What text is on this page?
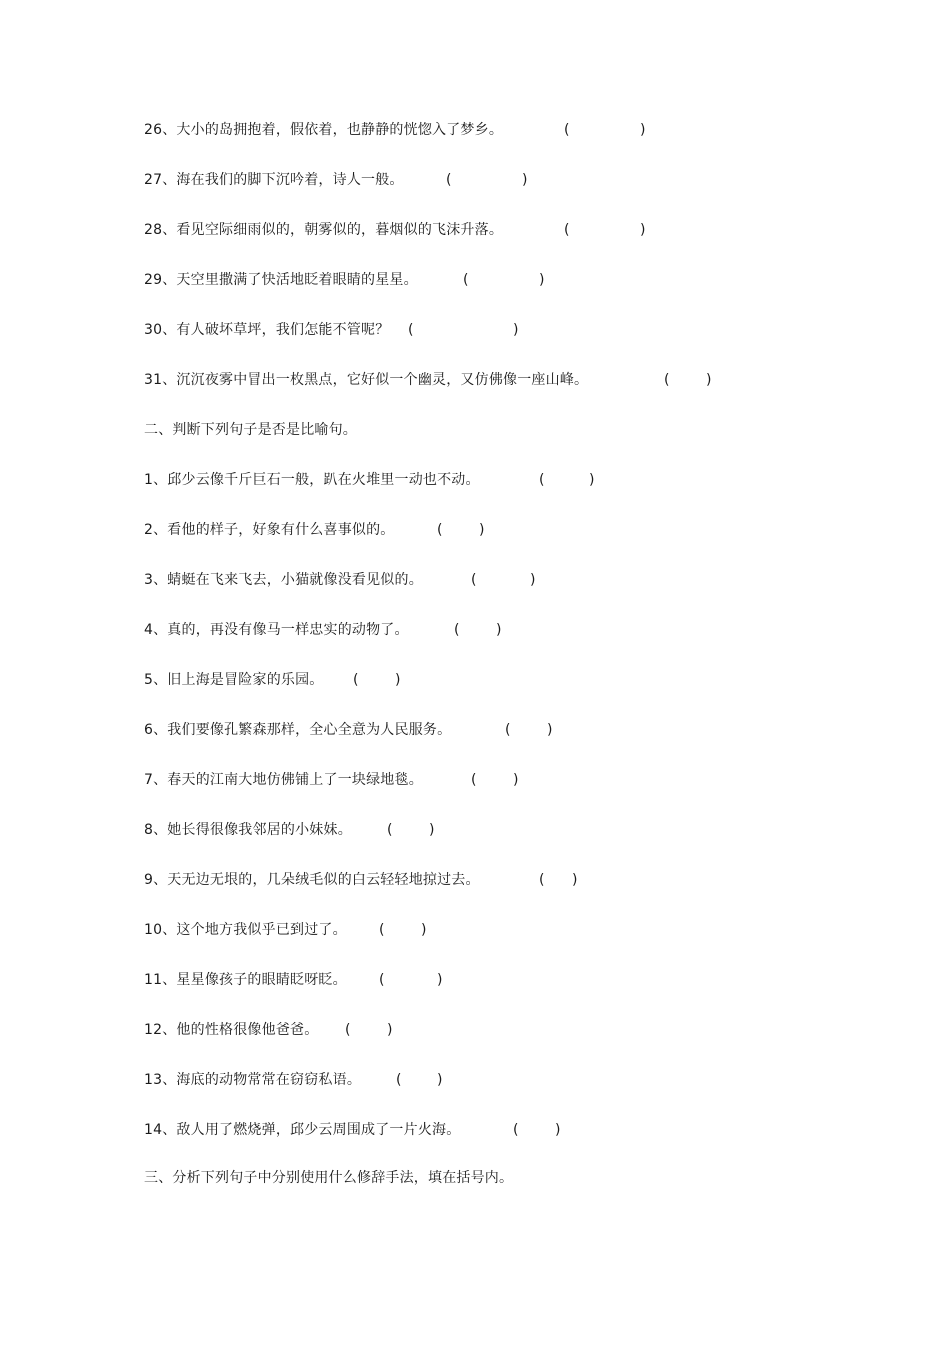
26、大小的岛拥抱着，假依着，也静静的恍惚入了梦乡。	(	)
27、海在我们的脚下沉吟着，诗人一般。	(	)
28、看见空际细雨似的，朝雾似的，暮烟似的飞沫升落。	(	)
29、天空里撒满了快活地眨着眼睛的星星。	(	)
30、有人破坏草坪，我们怎能不管呢？ (	)
31、沉沉夜雾中冒出一枚黑点，它好似一个幽灵，又仿佛像一座山峰。	(	)
二、判断下列句子是否是比喻句。
1、邱少云像千斤巨石一般，趴在火堆里一动也不动。	(	)
2、看他的样子，好象有什么喜事似的。	(	)
3、蜻蜓在飞来飞去，小猫就像没看见似的。	(	)
4、真的，再没有像马一样忠实的动物了。	(	)
5、旧上海是冒险家的乐园。 (	)
6、我们要像孔繁森那样，全心全意为人民服务。	(	)
7、春天的江南大地仿佛铺上了一块绿地毯。	(	)
8、她长得很像我邻居的小妹妹。	(	)
9、天无边无垠的，几朵绒毛似的白云轻轻地掠过去。	( )
10、这个地方我似乎已到过了。 (	)
11、星星像孩子的眼睛眨呀眨。 (	)
12、他的性格很像他爸爸。 (	)
13、海底的动物常常在窃窃私语。 (	)
14、敌人用了燃烧弹，邱少云周围成了一片火海。	(	)
三、分析下列句子中分别使用什么修辞手法，填在括号内。
